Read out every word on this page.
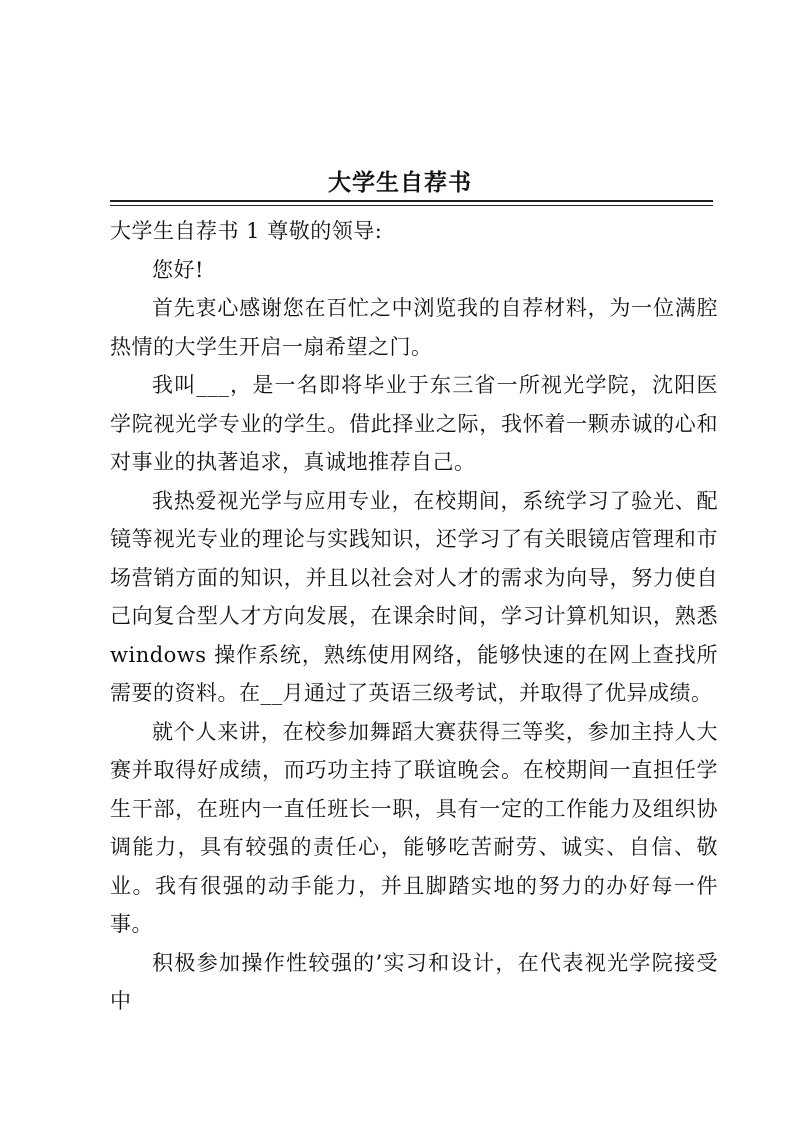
大学生自荐书

大学生自荐书 1 尊敬的领导:

您好!

首先衷心感谢您在百忙之中浏览我的自荐材料，为一位满腔热情的大学生开启一扇希望之门。

我叫___，是一名即将毕业于东三省一所视光学院，沈阳医学院视光学专业的学生。借此择业之际，我怀着一颗赤诚的心和对事业的执著追求，真诚地推荐自己。

我热爱视光学与应用专业，在校期间，系统学习了验光、配镜等视光专业的理论与实践知识，还学习了有关眼镜店管理和市场营销方面的知识，并且以社会对人才的需求为向导，努力使自己向复合型人才方向发展，在课余时间，学习计算机知识，熟悉windows 操作系统，熟练使用网络，能够快速的在网上查找所需要的资料。在__月通过了英语三级考试，并取得了优异成绩。

就个人来讲，在校参加舞蹈大赛获得三等奖，参加主持人大赛并取得好成绩，而巧功主持了联谊晚会。在校期间一直担任学生干部，在班内一直任班长一职，具有一定的工作能力及组织协调能力，具有较强的责任心，能够吃苦耐劳、诚实、自信、敬业。我有很强的动手能力，并且脚踏实地的努力的办好每一件事。

积极参加操作性较强的’实习和设计，在代表视光学院接受中
